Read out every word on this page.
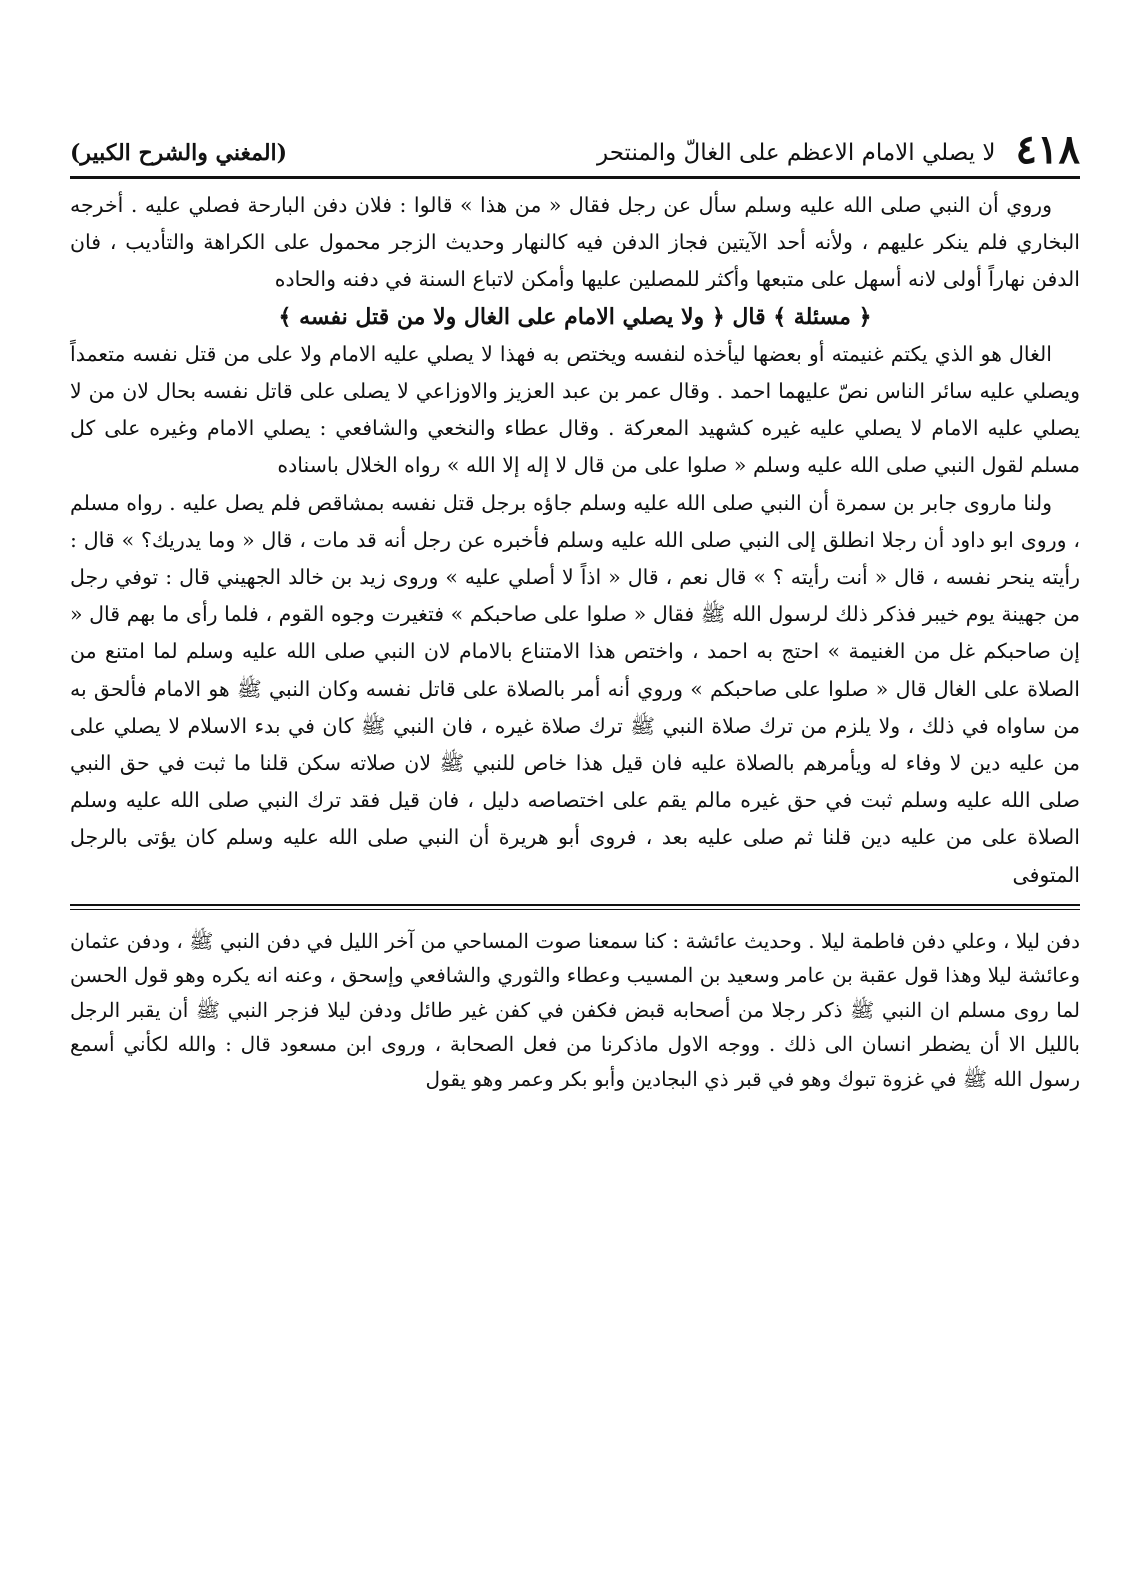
٤١٨
لا يصلي الامام الاعظم على الغالّ والمنتحر
(المغني والشرح الكبير)

وروي أن النبي صلى الله عليه وسلم سأل عن رجل فقال « من هذا » قالوا : فلان دفن البارحة فصلي عليه . أخرجه البخاري فلم ينكر عليهم ، ولأنه أحد الآيتين فجاز الدفن فيه كالنهار وحديث الزجر محمول على الكراهة والتأديب ، فان الدفن نهاراً أولى لانه أسهل على متبعها وأكثر للمصلين عليها وأمكن لاتباع السنة في دفنه والحاده

﴿ مسئلة ﴾ قال ﴿ ولا يصلي الامام على الغال ولا من قتل نفسه ﴾

الغال هو الذي يكتم غنيمته أو بعضها ليأخذه لنفسه ويختص به فهذا لا يصلي عليه الامام ولا على من قتل نفسه متعمداً ويصلي عليه سائر الناس نصّ عليهما احمد . وقال عمر بن عبد العزيز والاوزاعي لا يصلى على قاتل نفسه بحال لان من لا يصلي عليه الامام لا يصلي عليه غيره كشهيد المعركة . وقال عطاء والنخعي والشافعي : يصلي الامام وغيره على كل مسلم لقول النبي صلى الله عليه وسلم « صلوا على من قال لا إله إلا الله » رواه الخلال باسناده

ولنا ماروى جابر بن سمرة أن النبي صلى الله عليه وسلم جاؤه برجل قتل نفسه بمشاقص فلم يصل عليه . رواه مسلم ، وروى ابو داود أن رجلا انطلق إلى النبي صلى الله عليه وسلم فأخبره عن رجل أنه قد مات ، قال « وما يدريك؟ » قال : رأيته ينحر نفسه ، قال « أنت رأيته ؟ » قال نعم ، قال « اذاً لا أصلي عليه » وروى زيد بن خالد الجهيني قال : توفي رجل من جهينة يوم خيبر فذكر ذلك لرسول الله ﷺ فقال « صلوا على صاحبكم » فتغيرت وجوه القوم ، فلما رأى ما بهم قال « إن صاحبكم غل من الغنيمة » احتج به احمد ، واختص هذا الامتناع بالامام لان النبي صلى الله عليه وسلم لما امتنع من الصلاة على الغال قال « صلوا على صاحبكم » وروي أنه أمر بالصلاة على قاتل نفسه وكان النبي ﷺ هو الامام فألحق به من ساواه في ذلك ، ولا يلزم من ترك صلاة النبي ﷺ ترك صلاة غيره ، فان النبي ﷺ كان في بدء الاسلام لا يصلي على من عليه دين لا وفاء له ويأمرهم بالصلاة عليه فان قيل هذا خاص للنبي ﷺ لان صلاته سكن قلنا ما ثبت في حق النبي صلى الله عليه وسلم ثبت في حق غيره مالم يقم على اختصاصه دليل ، فان قيل فقد ترك النبي صلى الله عليه وسلم الصلاة على من عليه دين قلنا ثم صلى عليه بعد ، فروى أبو هريرة أن النبي صلى الله عليه وسلم كان يؤتى بالرجل المتوفى

دفن ليلا ، وعلي دفن فاطمة ليلا . وحديث عائشة : كنا سمعنا صوت المساحي من آخر الليل في دفن النبي ﷺ ، ودفن عثمان وعائشة ليلا وهذا قول عقبة بن عامر وسعيد بن المسيب وعطاء والثوري والشافعي وإسحق ، وعنه انه يكره وهو قول الحسن لما روى مسلم ان النبي ﷺ ذكر رجلا من أصحابه قبض فكفن في كفن غير طائل ودفن ليلا فزجر النبي ﷺ أن يقبر الرجل بالليل الا أن يضطر انسان الى ذلك . ووجه الاول ماذكرنا من فعل الصحابة ، وروى ابن مسعود قال : والله لكأني أسمع رسول الله ﷺ في غزوة تبوك وهو في قبر ذي البجادين وأبو بكر وعمر وهو يقول
